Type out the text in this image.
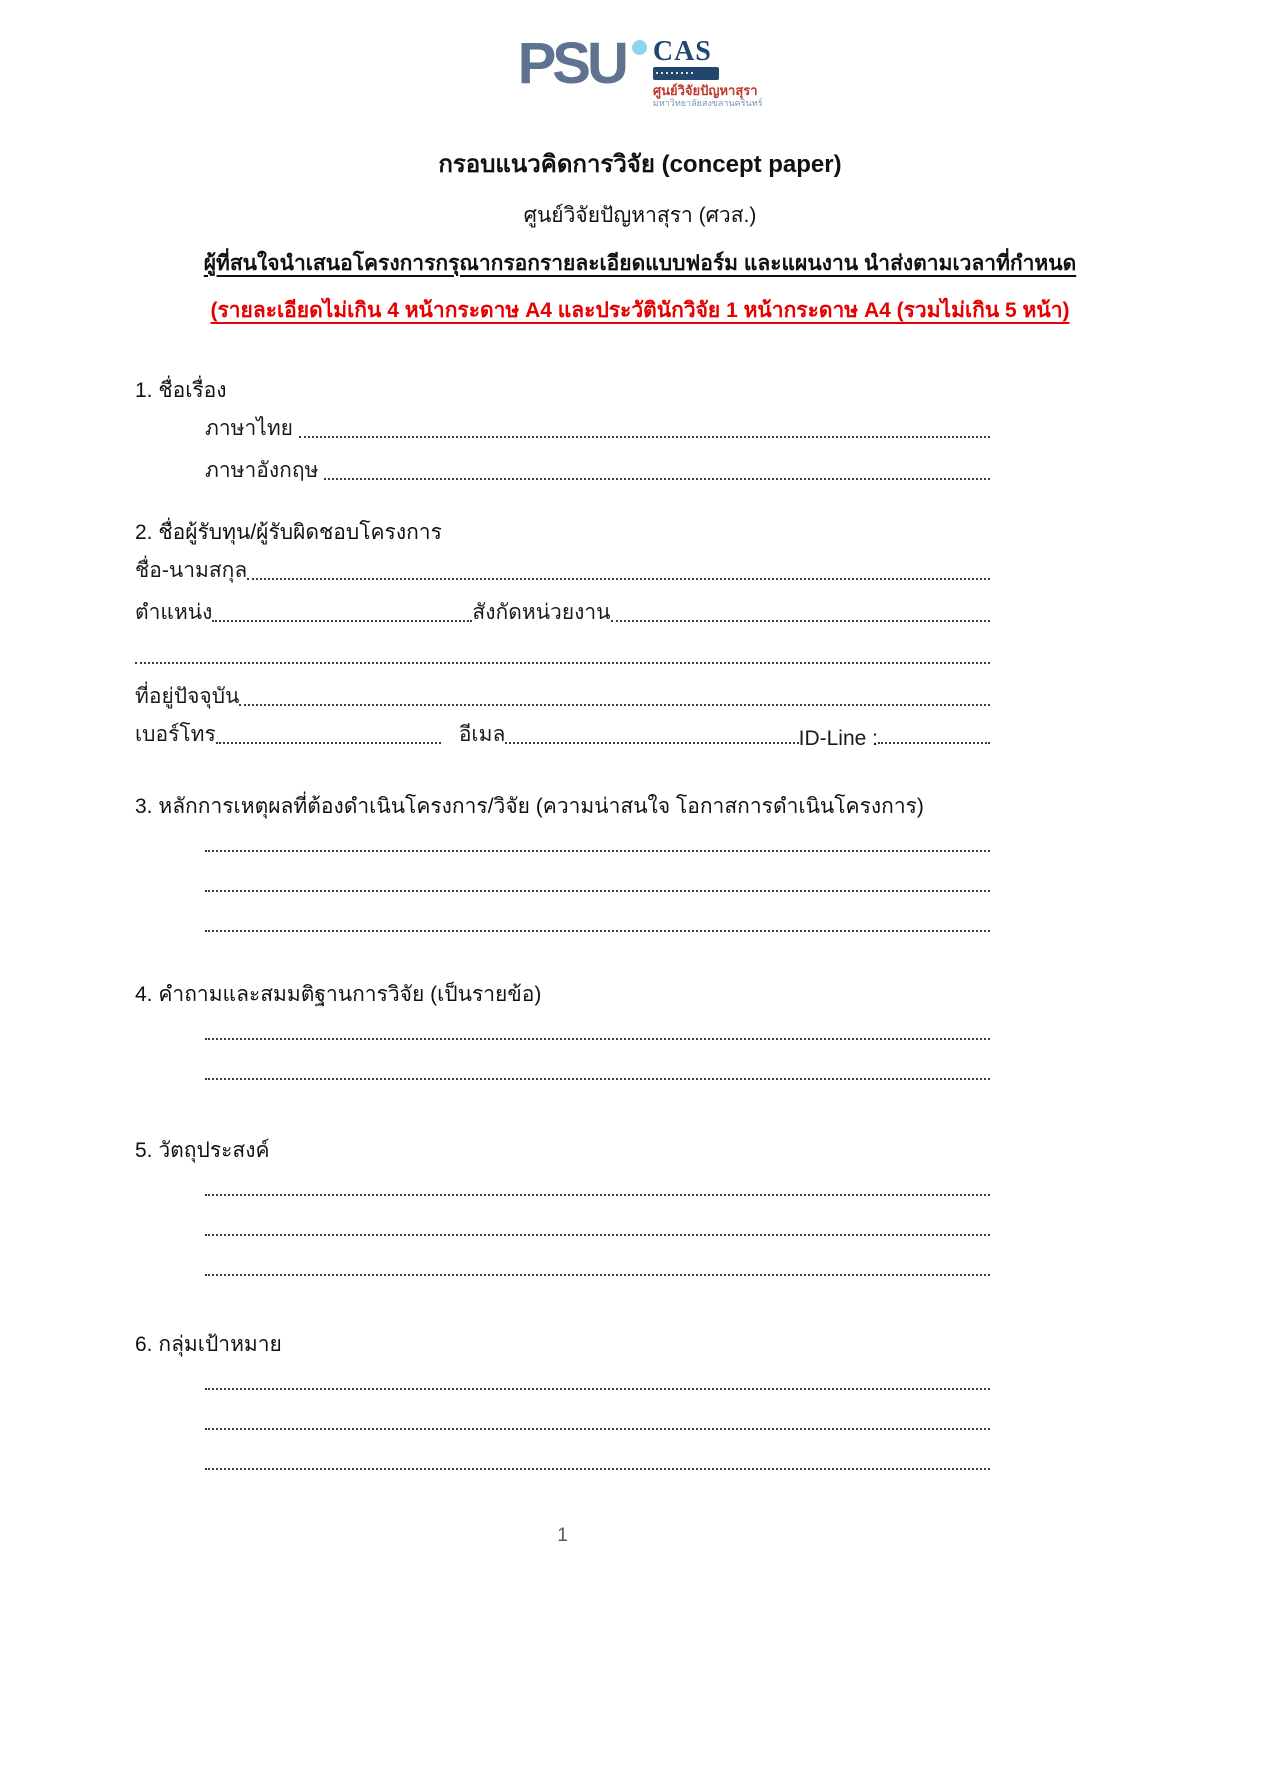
PSU	CAS
ศูนย์วิจัยปัญหาสุรา
มหาวิทยาลัยสงขลานครินทร์
กรอบแนวคิดการวิจัย (concept paper)
ศูนย์วิจัยปัญหาสุรา (ศวส.)
ผู้ที่สนใจนำเสนอโครงการกรุณากรอกรายละเอียดแบบฟอร์ม และแผนงาน นำส่งตามเวลาที่กำหนด
(รายละเอียดไม่เกิน 4 หน้ากระดาษ A4 และประวัตินักวิจัย 1 หน้ากระดาษ A4 (รวมไม่เกิน 5 หน้า)
1. ชื่อเรื่อง
ภาษาไทย
ภาษาอังกฤษ
2. ชื่อผู้รับทุน/ผู้รับผิดชอบโครงการ
ชื่อ-นามสกุล
ตำแหน่ง	สังกัดหน่วยงาน
ที่อยู่ปัจจุบัน
เบอร์โทร	อีเมล	ID-Line :
3. หลักการเหตุผลที่ต้องดำเนินโครงการ/วิจัย (ความน่าสนใจ โอกาสการดำเนินโครงการ)
4. คำถามและสมมติฐานการวิจัย (เป็นรายข้อ)
5. วัตถุประสงค์
6. กลุ่มเป้าหมาย
1
